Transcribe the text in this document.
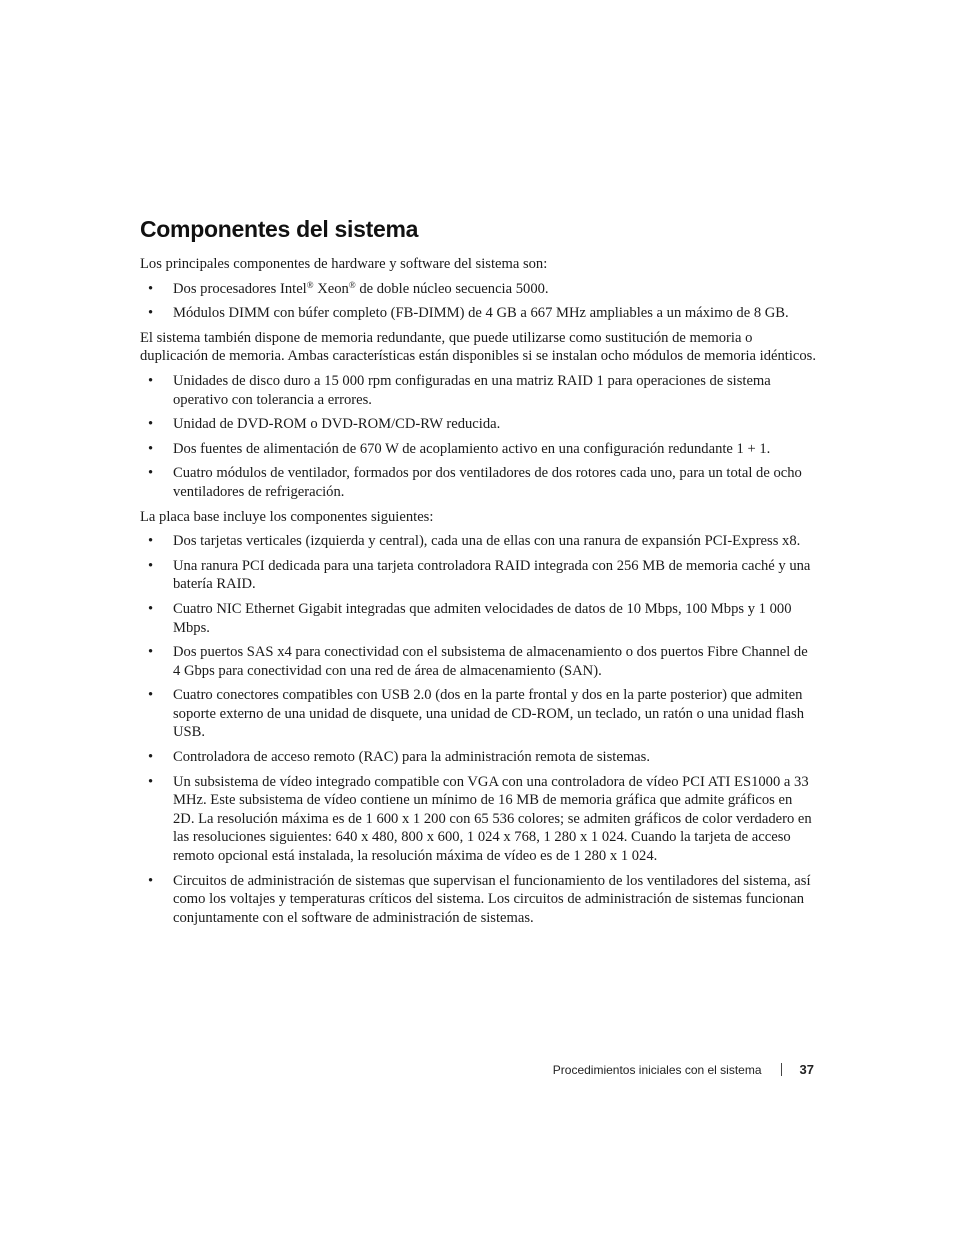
Componentes del sistema

Los principales componentes de hardware y software del sistema son:

• Dos procesadores Intel® Xeon® de doble núcleo secuencia 5000.
• Módulos DIMM con búfer completo (FB-DIMM) de 4 GB a 667 MHz ampliables a un máximo de 8 GB.

El sistema también dispone de memoria redundante, que puede utilizarse como sustitución de memoria o duplicación de memoria. Ambas características están disponibles si se instalan ocho módulos de memoria idénticos.

• Unidades de disco duro a 15 000 rpm configuradas en una matriz RAID 1 para operaciones de sistema operativo con tolerancia a errores.
• Unidad de DVD-ROM o DVD-ROM/CD-RW reducida.
• Dos fuentes de alimentación de 670 W de acoplamiento activo en una configuración redundante 1 + 1.
• Cuatro módulos de ventilador, formados por dos ventiladores de dos rotores cada uno, para un total de ocho ventiladores de refrigeración.

La placa base incluye los componentes siguientes:

• Dos tarjetas verticales (izquierda y central), cada una de ellas con una ranura de expansión PCI-Express x8.
• Una ranura PCI dedicada para una tarjeta controladora RAID integrada con 256 MB de memoria caché y una batería RAID.
• Cuatro NIC Ethernet Gigabit integradas que admiten velocidades de datos de 10 Mbps, 100 Mbps y 1 000 Mbps.
• Dos puertos SAS x4 para conectividad con el subsistema de almacenamiento o dos puertos Fibre Channel de 4 Gbps para conectividad con una red de área de almacenamiento (SAN).
• Cuatro conectores compatibles con USB 2.0 (dos en la parte frontal y dos en la parte posterior) que admiten soporte externo de una unidad de disquete, una unidad de CD-ROM, un teclado, un ratón o una unidad flash USB.
• Controladora de acceso remoto (RAC) para la administración remota de sistemas.
• Un subsistema de vídeo integrado compatible con VGA con una controladora de vídeo PCI ATI ES1000 a 33 MHz. Este subsistema de vídeo contiene un mínimo de 16 MB de memoria gráfica que admite gráficos en 2D. La resolución máxima es de 1 600 x 1 200 con 65 536 colores; se admiten gráficos de color verdadero en las resoluciones siguientes: 640 x 480, 800 x 600, 1 024 x 768, 1 280 x 1 024. Cuando la tarjeta de acceso remoto opcional está instalada, la resolución máxima de vídeo es de 1 280 x 1 024.
• Circuitos de administración de sistemas que supervisan el funcionamiento de los ventiladores del sistema, así como los voltajes y temperaturas críticos del sistema. Los circuitos de administración de sistemas funcionan conjuntamente con el software de administración de sistemas.
Procedimientos iniciales con el sistema	37
